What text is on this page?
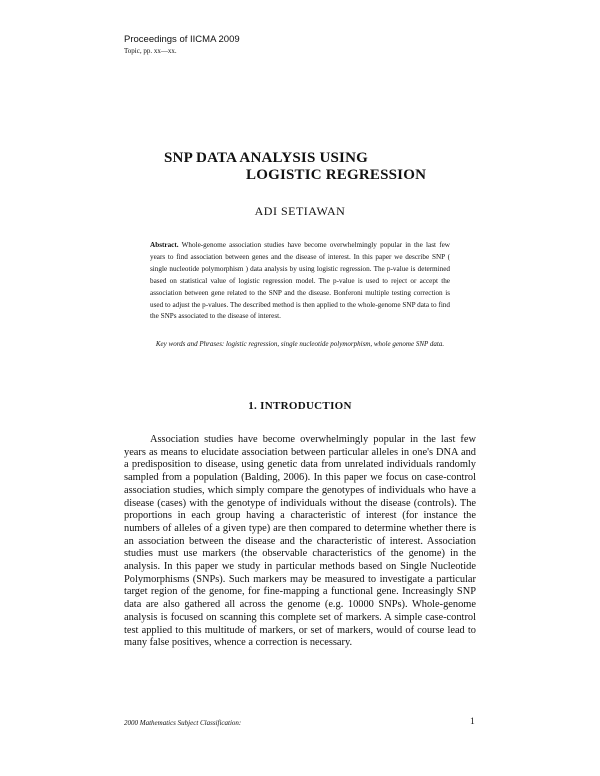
Proceedings of IICMA 2009
Topic, pp. xx––xx.
SNP DATA ANALYSIS USING
LOGISTIC REGRESSION
ADI SETIAWAN
Abstract. Whole-genome association studies have become overwhelmingly popular in the last few years to find association between genes and the disease of interest. In this paper we describe SNP ( single nucleotide polymorphism ) data analysis by using logistic regression. The p-value is determined based on statistical value of logistic regression model. The p-value is used to reject or accept the association between gene related to the SNP and the disease. Bonferoni multiple testing correction is used to adjust the p-values. The described method is then applied to the whole-genome SNP data to find the SNPs associated to the disease of interest.
Key words and Phrases: logistic regression, single nucleotide polymorphism, whole genome SNP data.
1. INTRODUCTION
Association studies have become overwhelmingly popular in the last few years as means to elucidate association between particular alleles in one's DNA and a predisposition to disease, using genetic data from unrelated individuals randomly sampled from a population (Balding, 2006). In this paper we focus on case-control association studies, which simply compare the genotypes of individuals who have a disease (cases) with the genotype of individuals without the disease (controls). The proportions in each group having a characteristic of interest (for instance the numbers of alleles of a given type) are then compared to determine whether there is an association between the disease and the characteristic of interest. Association studies must use markers (the observable characteristics of the genome) in the analysis. In this paper we study in particular methods based on Single Nucleotide Polymorphisms (SNPs). Such markers may be measured to investigate a particular target region of the genome, for fine-mapping a functional gene. Increasingly SNP data are also gathered all across the genome (e.g. 10000 SNPs). Whole-genome analysis is focused on scanning this complete set of markers. A simple case-control test applied to this multitude of markers, or set of markers, would of course lead to many false positives, whence a correction is necessary.
2000 Mathematics Subject Classification:	1
